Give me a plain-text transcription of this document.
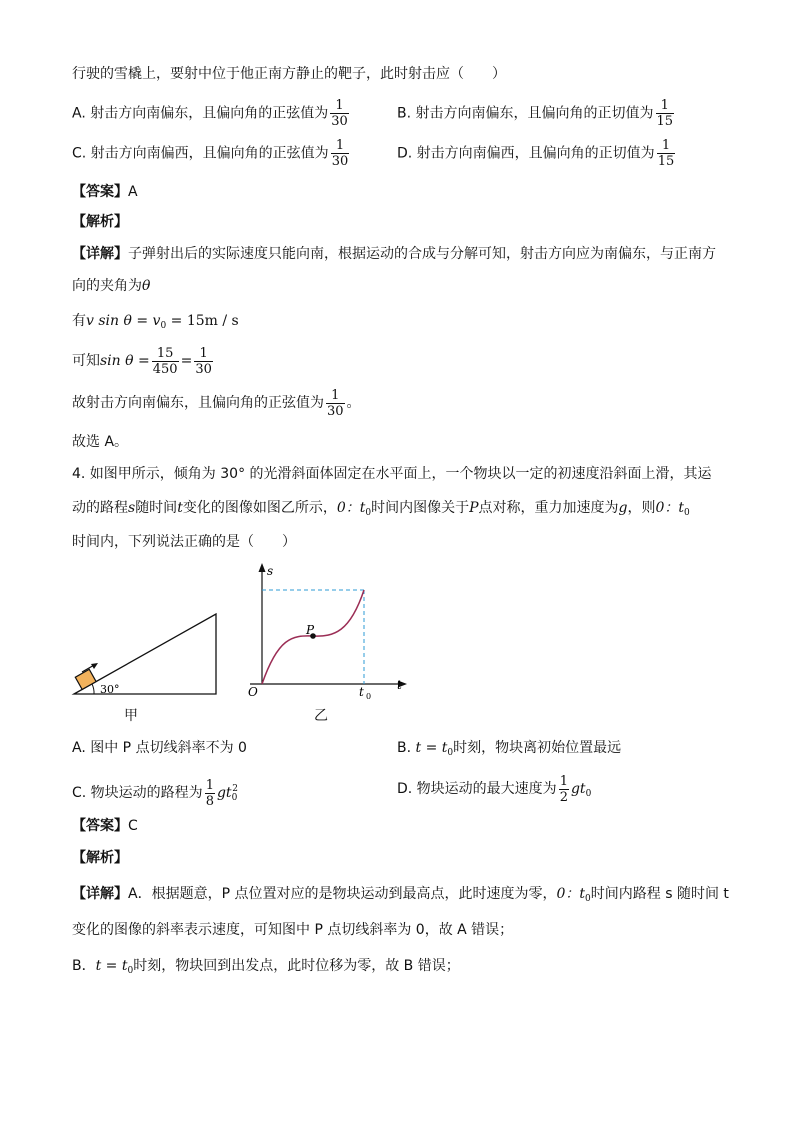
行驶的雪橇上，要射中位于他正南方静止的靶子，此时射击应（　　）
A. 射击方向南偏东，且偏向角的正弦值为 $\frac{1}{30}$	B. 射击方向南偏东，且偏向角的正切值为 $\frac{1}{15}$
C. 射击方向南偏西，且偏向角的正弦值为 $\frac{1}{30}$	D. 射击方向南偏西，且偏向角的正切值为 $\frac{1}{15}$
【答案】A
【解析】
【详解】子弹射出后的实际速度只能向南，根据运动的合成与分解可知，射击方向应为南偏东，与正南方
向的夹角为θ
有v $\sin \theta = v_0 = 15m / s$
可知$\sin \theta = \frac{15}{450} = \frac{1}{30}$
故射击方向南偏东，且偏向角的正弦值为 $\frac{1}{30}$ 。
故选 A。
4. 如图甲所示，倾角为 30° 的光滑斜面体固定在水平面上，一个物块以一定的初速度沿斜面上滑，其运
动的路程s随时间t变化的图像如图乙所示，0：$t_0$时间内图像关于P点对称，重力加速度为g，则0：$t_0$
时间内，下列说法正确的是（　　）
30°
甲
s
t
P
O	t 0
乙
A. 图中 P 点切线斜率不为 0	B. $t = t_0$时刻，物块离初始位置最远
C. 物块运动的路程为 $\frac{1}{8} gt_0^2$	D. 物块运动的最大速度为 $\frac{1}{2} gt_0$
【答案】C
【解析】
【详解】A．根据题意，P 点位置对应的是物块运动到最高点，此时速度为零，0：$t_0$时间内路程 s 随时间 t
变化的图像的斜率表示速度，可知图中 P 点切线斜率为 0，故 A 错误；
B．$t = t_0$时刻，物块回到出发点，此时位移为零，故 B 错误；
